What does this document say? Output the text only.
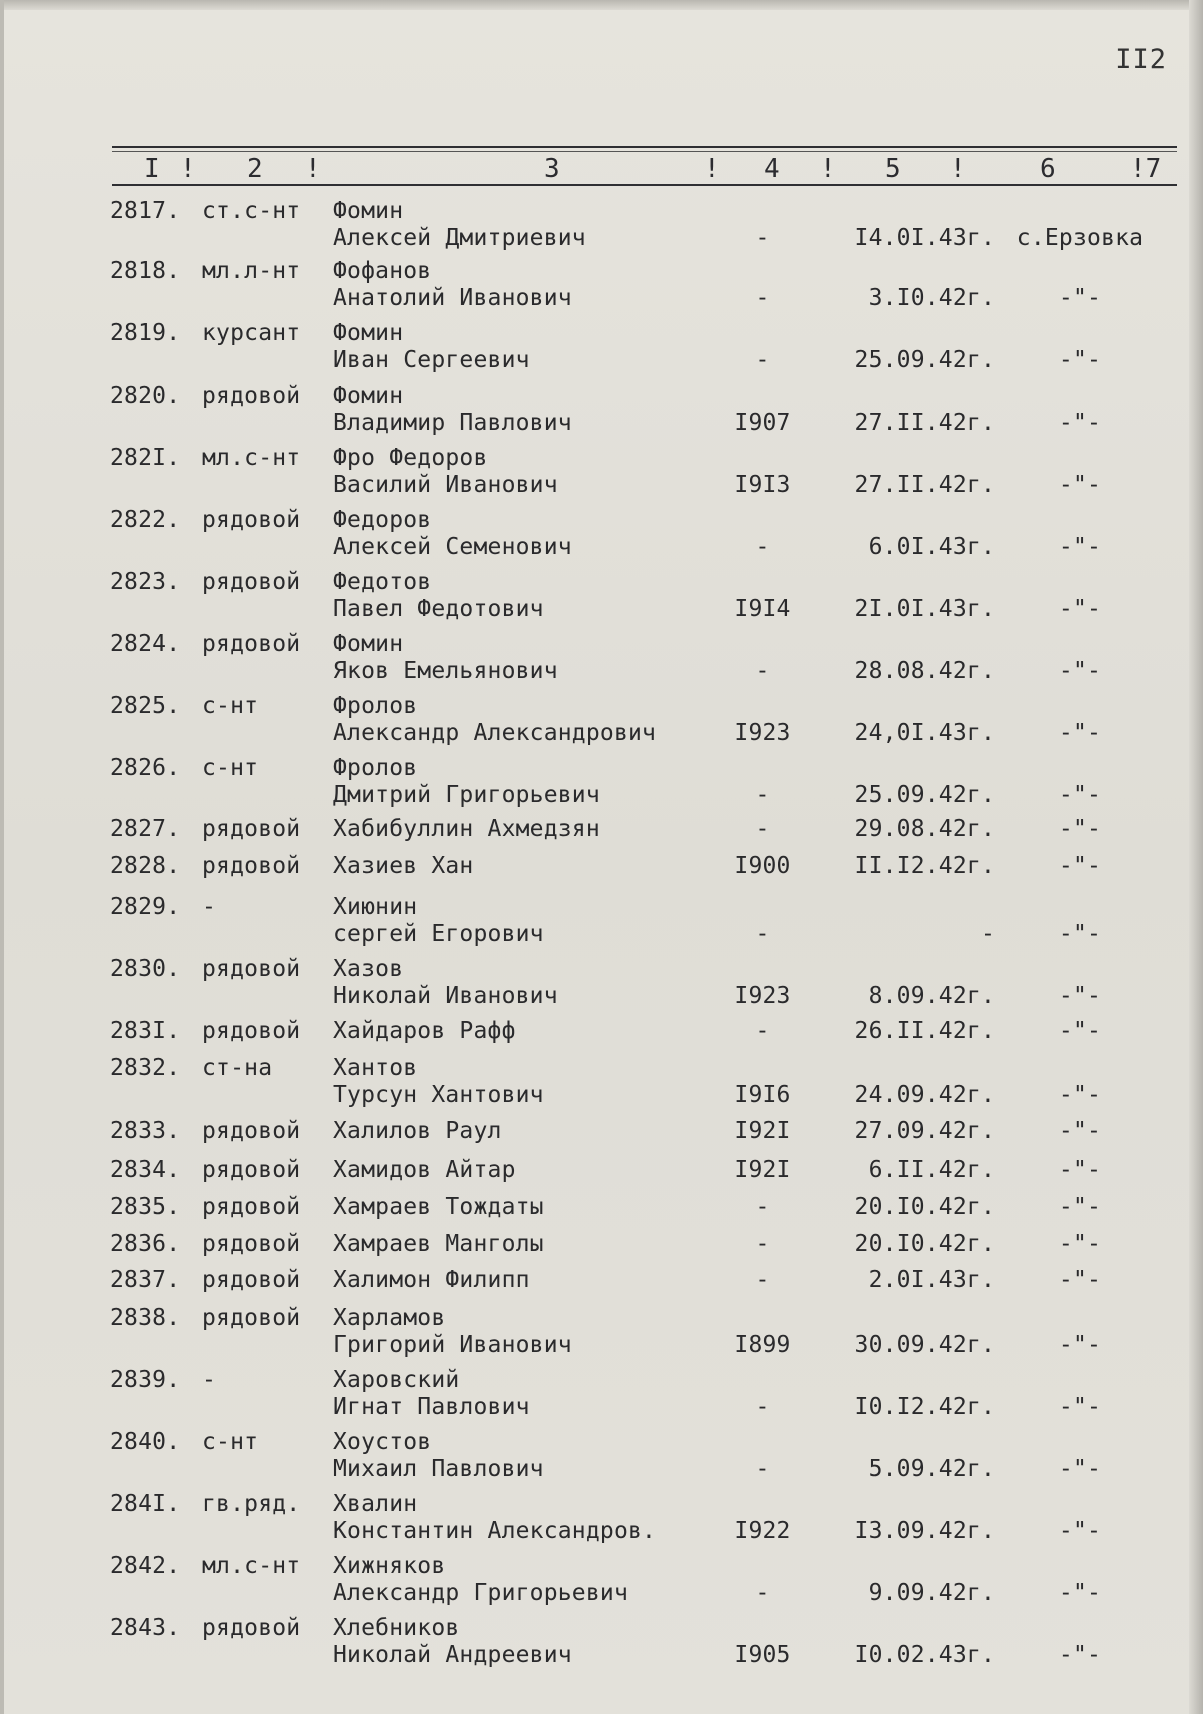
II2
I ! 2 !	3	! 4 ! 5 !	6	!7
2817. ст.с-нт Фомин
Алексей Дмитриевич	-	I4.0I.43г. с.Ерзовка
2818. мл.л-нт Фофанов
Анатолий Иванович	-	3.I0.42г.	-"-
2819. курсант Фомин
Иван Сергеевич	-	25.09.42г.	-"-
2820. рядовой Фомин
Владимир Павлович	I907	27.II.42г.	-"-
282I. мл.с-нт Фро Федоров
Василий Иванович	I9I3	27.II.42г.	-"-
2822. рядовой Федоров
Алексей Семенович	-	6.0I.43г.	-"-
2823. рядовой Федотов
Павел Федотович	I9I4	2I.0I.43г.	-"-
2824. рядовой Фомин
Яков Емельянович	-	28.08.42г.	-"-
2825. с-нт	Фролов
Александр Александрович	I923	24,0I.43г.	-"-
2826. с-нт	Фролов
Дмитрий Григорьевич	-	25.09.42г.	-"-
2827. рядовой Хабибуллин Ахмедзян	-	29.08.42г.	-"-
2828. рядовой Хазиев Хан	I900	II.I2.42г.	-"-
2829. -	Хиюнин
сергей Егорович	-	-	-"-
2830. рядовой Хазов
Николай Иванович	I923	8.09.42г.	-"-
283I. рядовой Хайдаров Рафф	-	26.II.42г.	-"-
2832. ст-на	Хантов
Турсун Хантович	I9I6	24.09.42г.	-"-
2833. рядовой Халилов Раул	I92I	27.09.42г.	-"-
2834. рядовой Хамидов Айтар	I92I	6.II.42г.	-"-
2835. рядовой Хамраев Тождаты	-	20.I0.42г.	-"-
2836. рядовой Хамраев Манголы	-	20.I0.42г.	-"-
2837. рядовой Халимон Филипп	-	2.0I.43г.	-"-
2838. рядовой Харламов
Григорий Иванович	I899	30.09.42г.	-"-
2839. -	Харовский
Игнат Павлович	-	I0.I2.42г.	-"-
2840. с-нт	Хоустов
Михаил Павлович	-	5.09.42г.	-"-
284I. гв.ряд. Хвалин
Константин Александров.	I922	I3.09.42г.	-"-
2842. мл.с-нт Хижняков
Александр Григорьевич	-	9.09.42г.	-"-
2843. рядовой Хлебников
Николай Андреевич	I905	I0.02.43г.	-"-
